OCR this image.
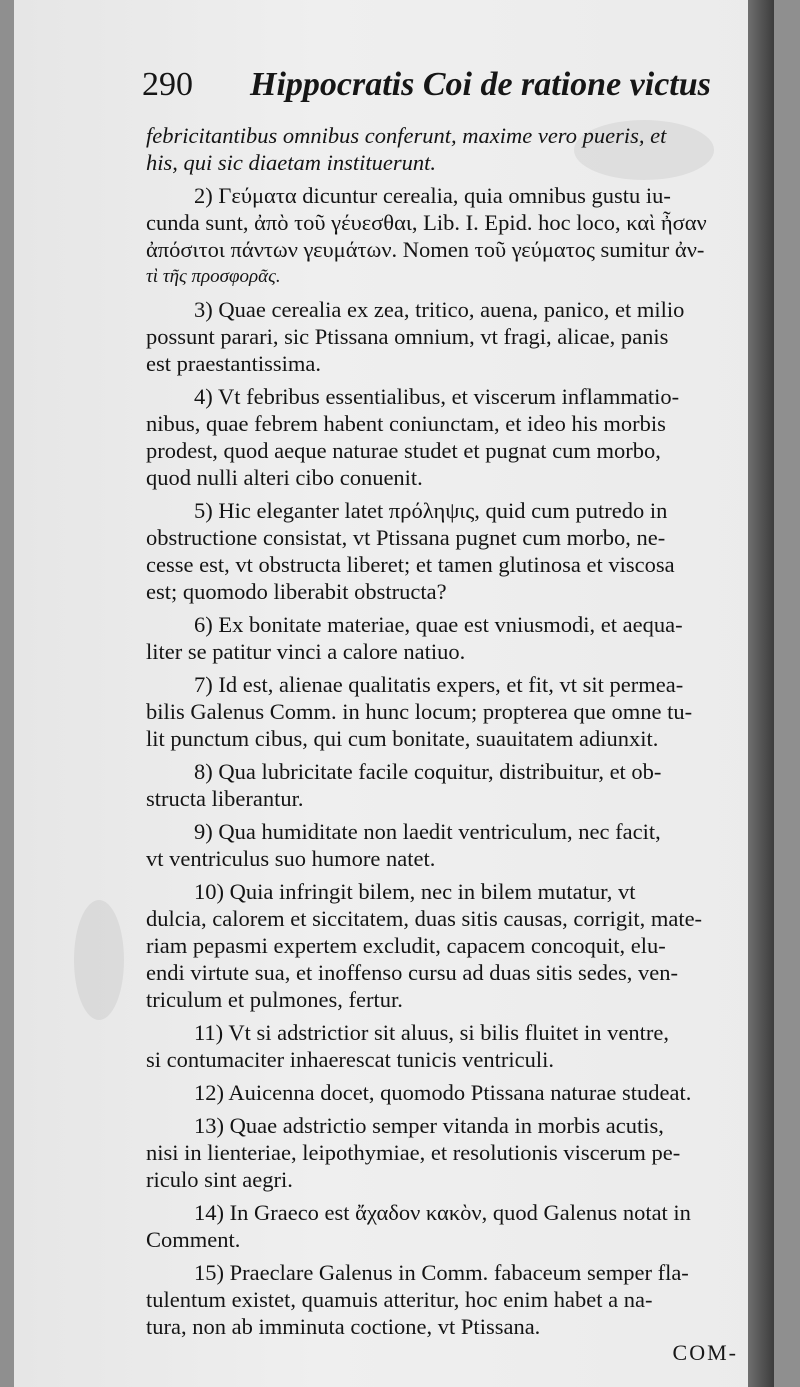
290 Hippocratis Coi de ratione victus
febricitantibus omnibus conferunt, maxime vero pueris, et
his, qui sic diaetam instituerunt.
2) Γεύματα dicuntur cerealia, quia omnibus gustu iu-
cunda sunt, ἀπὸ τοῦ γέυεσθαι, Lib. I. Epid. hoc loco, καὶ ἦσαν
ἀπόσιτοι πάντων γευμάτων. Nomen τοῦ γεύματος sumitur ἀν-
τὶ τῆς προσφορᾶς.
3) Quae cerealia ex zea, tritico, auena, panico, et milio
possunt parari, sic Ptissana omnium, vt fragi, alicae, panis
est praestantissima.
4) Vt febribus essentialibus, et viscerum inflammatio-
nibus, quae febrem habent coniunctam, et ideo his morbis
prodest, quod aeque naturae studet et pugnat cum morbo,
quod nulli alteri cibo conuenit.
5) Hic eleganter latet πρόληψις, quid cum putredo in
obstructione consistat, vt Ptissana pugnet cum morbo, ne-
cesse est, vt obstructa liberet; et tamen glutinosa et viscosa
est; quomodo liberabit obstructa?
6) Ex bonitate materiae, quae est vniusmodi, et aequa-
liter se patitur vinci a calore natiuo.
7) Id est, alienae qualitatis expers, et fit, vt sit permea-
bilis Galenus Comm. in hunc locum; propterea que omne tu-
lit punctum cibus, qui cum bonitate, suauitatem adiunxit.
8) Qua lubricitate facile coquitur, distribuitur, et ob-
structa liberantur.
9) Qua humiditate non laedit ventriculum, nec facit,
vt ventriculus suo humore natet.
10) Quia infringit bilem, nec in bilem mutatur, vt
dulcia, calorem et siccitatem, duas sitis causas, corrigit, mate-
riam pepasmi expertem excludit, capacem concoquit, elu-
endi virtute sua, et inoffenso cursu ad duas sitis sedes, ven-
triculum et pulmones, fertur.
11) Vt si adstrictior sit aluus, si bilis fluitet in ventre,
si contumaciter inhaerescat tunicis ventriculi.
12) Auicenna docet, quomodo Ptissana naturae studeat.
13) Quae adstrictio semper vitanda in morbis acutis,
nisi in lienteriae, leipothymiae, et resolutionis viscerum pe-
riculo sint aegri.
14) In Graeco est ἄχαδον κακὸν, quod Galenus notat in
Comment.
15) Praeclare Galenus in Comm. fabaceum semper fla-
tulentum existet, quamuis atteritur, hoc enim habet a na-
tura, non ab imminuta coctione, vt Ptissana.
COM-
